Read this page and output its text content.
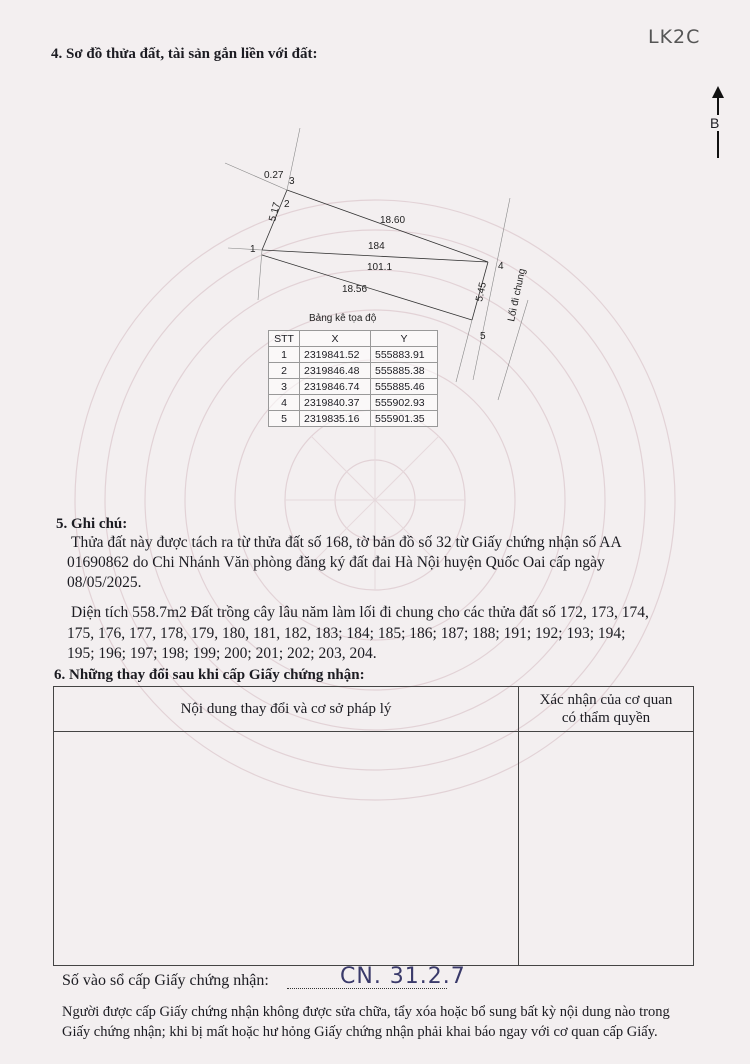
LK2C
B
4. Sơ đồ thửa đất, tài sản gắn liền với đất:
1
2
3
4
5
0.27
5.17	18.60
18.56	5.45
184
101.1
Lối đi chung
Bảng kê tọa độ
STT	X	Y
1	2319841.52	555883.91
2	2319846.48	555885.38
3	2319846.74	555885.46
4	2319840.37	555902.93
5	2319835.16	555901.35
5. Ghi chú:
Thửa đất này được tách ra từ thửa đất số 168, tờ bản đồ số 32 từ Giấy chứng nhận số AA
01690862 do Chi Nhánh Văn phòng đăng ký đất đai Hà Nội huyện Quốc Oai cấp ngày
08/05/2025.
Diện tích 558.7m2 Đất trồng cây lâu năm làm lối đi chung cho các thửa đất số 172, 173, 174,
175, 176, 177, 178, 179, 180, 181, 182, 183; 184; 185; 186; 187; 188; 191; 192; 193; 194;
195; 196; 197; 198; 199; 200; 201; 202; 203, 204.
6. Những thay đổi sau khi cấp Giấy chứng nhận:
Nội dung thay đổi và cơ sở pháp lý	Xác nhận của cơ quan
có thẩm quyền

Số vào sổ cấp Giấy chứng nhận:	CN. 31.2.7
Người được cấp Giấy chứng nhận không được sửa chữa, tẩy xóa hoặc bổ sung bất kỳ nội dung nào trong
Giấy chứng nhận; khi bị mất hoặc hư hỏng Giấy chứng nhận phải khai báo ngay với cơ quan cấp Giấy.
